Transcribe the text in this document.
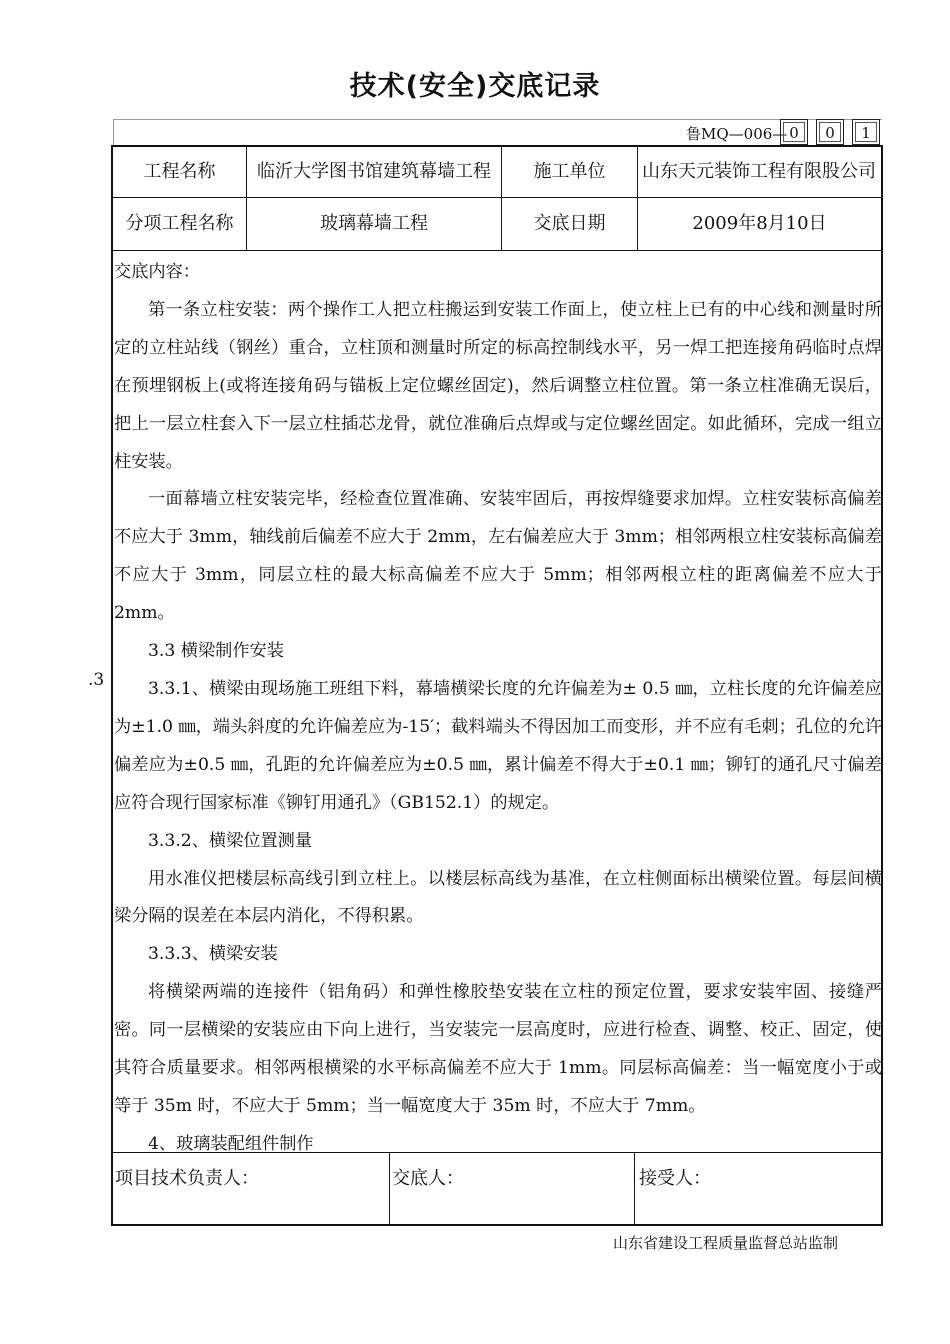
技术(安全)交底记录
鲁MQ—006— 0	0	1
工程名称	临沂大学图书馆建筑幕墙工程	施工单位	山东天元装饰工程有限股公司
分项工程名称	玻璃幕墙工程	交底日期	2009年8月10日

交底内容：

第一条立柱安装：两个操作工人把立柱搬运到安装工作面上，使立柱上已有的中心线和测量时所定的立柱站线（钢丝）重合，立柱顶和测量时所定的标高控制线水平，另一焊工把连接角码临时点焊在预埋钢板上(或将连接角码与锚板上定位螺丝固定)，然后调整立柱位置。第一条立柱准确无误后，把上一层立柱套入下一层立柱插芯龙骨，就位准确后点焊或与定位螺丝固定。如此循环，完成一组立柱安装。

一面幕墙立柱安装完毕，经检查位置准确、安装牢固后，再按焊缝要求加焊。立柱安装标高偏差不应大于 3mm，轴线前后偏差不应大于 2mm，左右偏差应大于 3mm；相邻两根立柱安装标高偏差不应大于 3mm，同层立柱的最大标高偏差不应大于 5mm；相邻两根立柱的距离偏差不应大于 2mm。

3.3 横梁制作安装

3.3.1、横梁由现场施工班组下料，幕墙横梁长度的允许偏差为± 0.5 ㎜，立柱长度的允许偏差应为±1.0 ㎜，端头斜度的允许偏差应为-15′；截料端头不得因加工而变形，并不应有毛刺；孔位的允许偏差应为±0.5 ㎜，孔距的允许偏差应为±0.5 ㎜，累计偏差不得大于±0.1 ㎜；铆钉的通孔尺寸偏差应符合现行国家标准《铆钉用通孔》（GB152.1）的规定。

3.3.2、横梁位置测量

用水准仪把楼层标高线引到立柱上。以楼层标高线为基准，在立柱侧面标出横梁位置。每层间横梁分隔的误差在本层内消化，不得积累。

3.3.3、横梁安装

将横梁两端的连接件（铝角码）和弹性橡胶垫安装在立柱的预定位置，要求安装牢固、接缝严密。同一层横梁的安装应由下向上进行，当安装完一层高度时，应进行检查、调整、校正、固定，使其符合质量要求。相邻两根横梁的水平标高偏差不应大于 1mm。同层标高偏差：当一幅宽度小于或等于 35m 时，不应大于 5mm；当一幅宽度大于 35m 时，不应大于 7mm。

4、玻璃装配组件制作

.3
项目技术负责人：	交底人：	接受人：
山东省建设工程质量监督总站监制
